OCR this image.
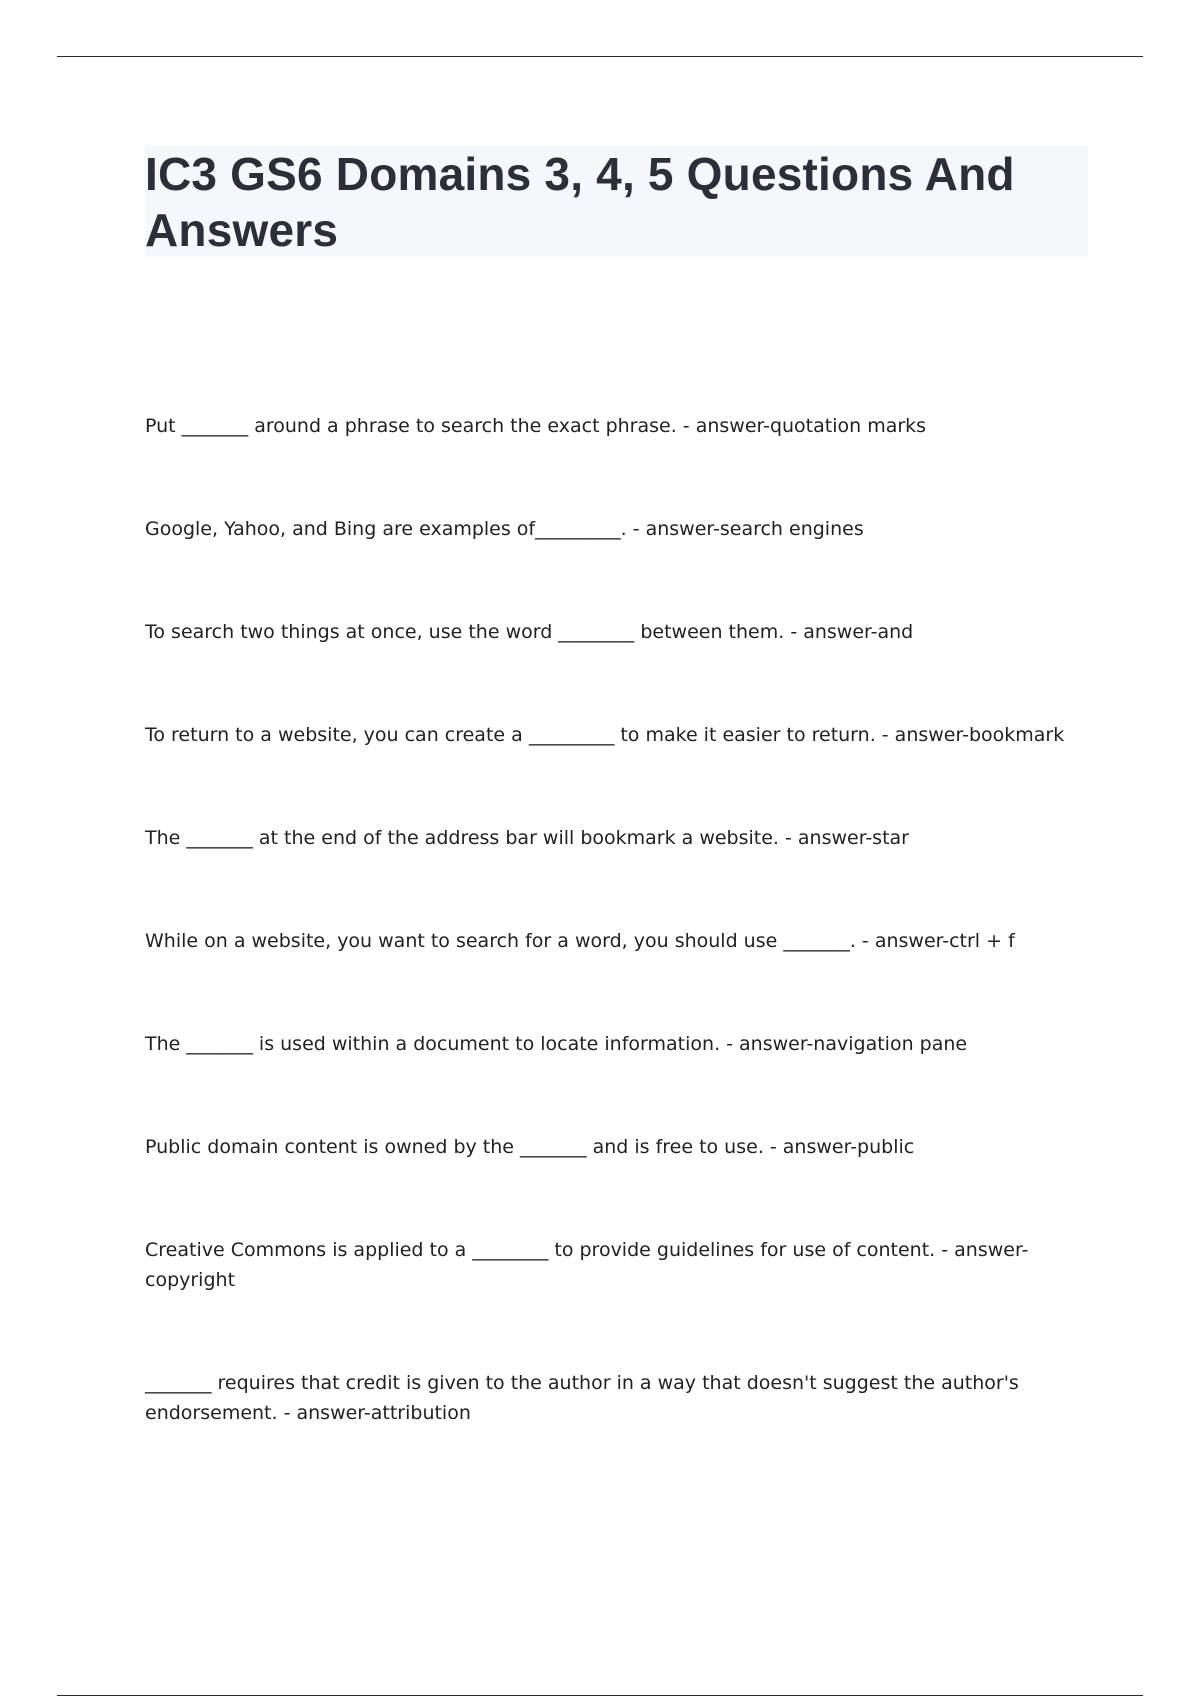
IC3 GS6 Domains 3, 4, 5 Questions And Answers
Put _______ around a phrase to search the exact phrase. - answer-quotation marks
Google, Yahoo, and Bing are examples of_________. - answer-search engines
To search two things at once, use the word ________ between them. - answer-and
To return to a website, you can create a _________ to make it easier to return. - answer-bookmark
The _______ at the end of the address bar will bookmark a website. - answer-star
While on a website, you want to search for a word, you should use _______. - answer-ctrl + f
The _______ is used within a document to locate information. - answer-navigation pane
Public domain content is owned by the _______ and is free to use. - answer-public
Creative Commons is applied to a ________ to provide guidelines for use of content. - answer-copyright
_______ requires that credit is given to the author in a way that doesn't suggest the author's endorsement. - answer-attribution
